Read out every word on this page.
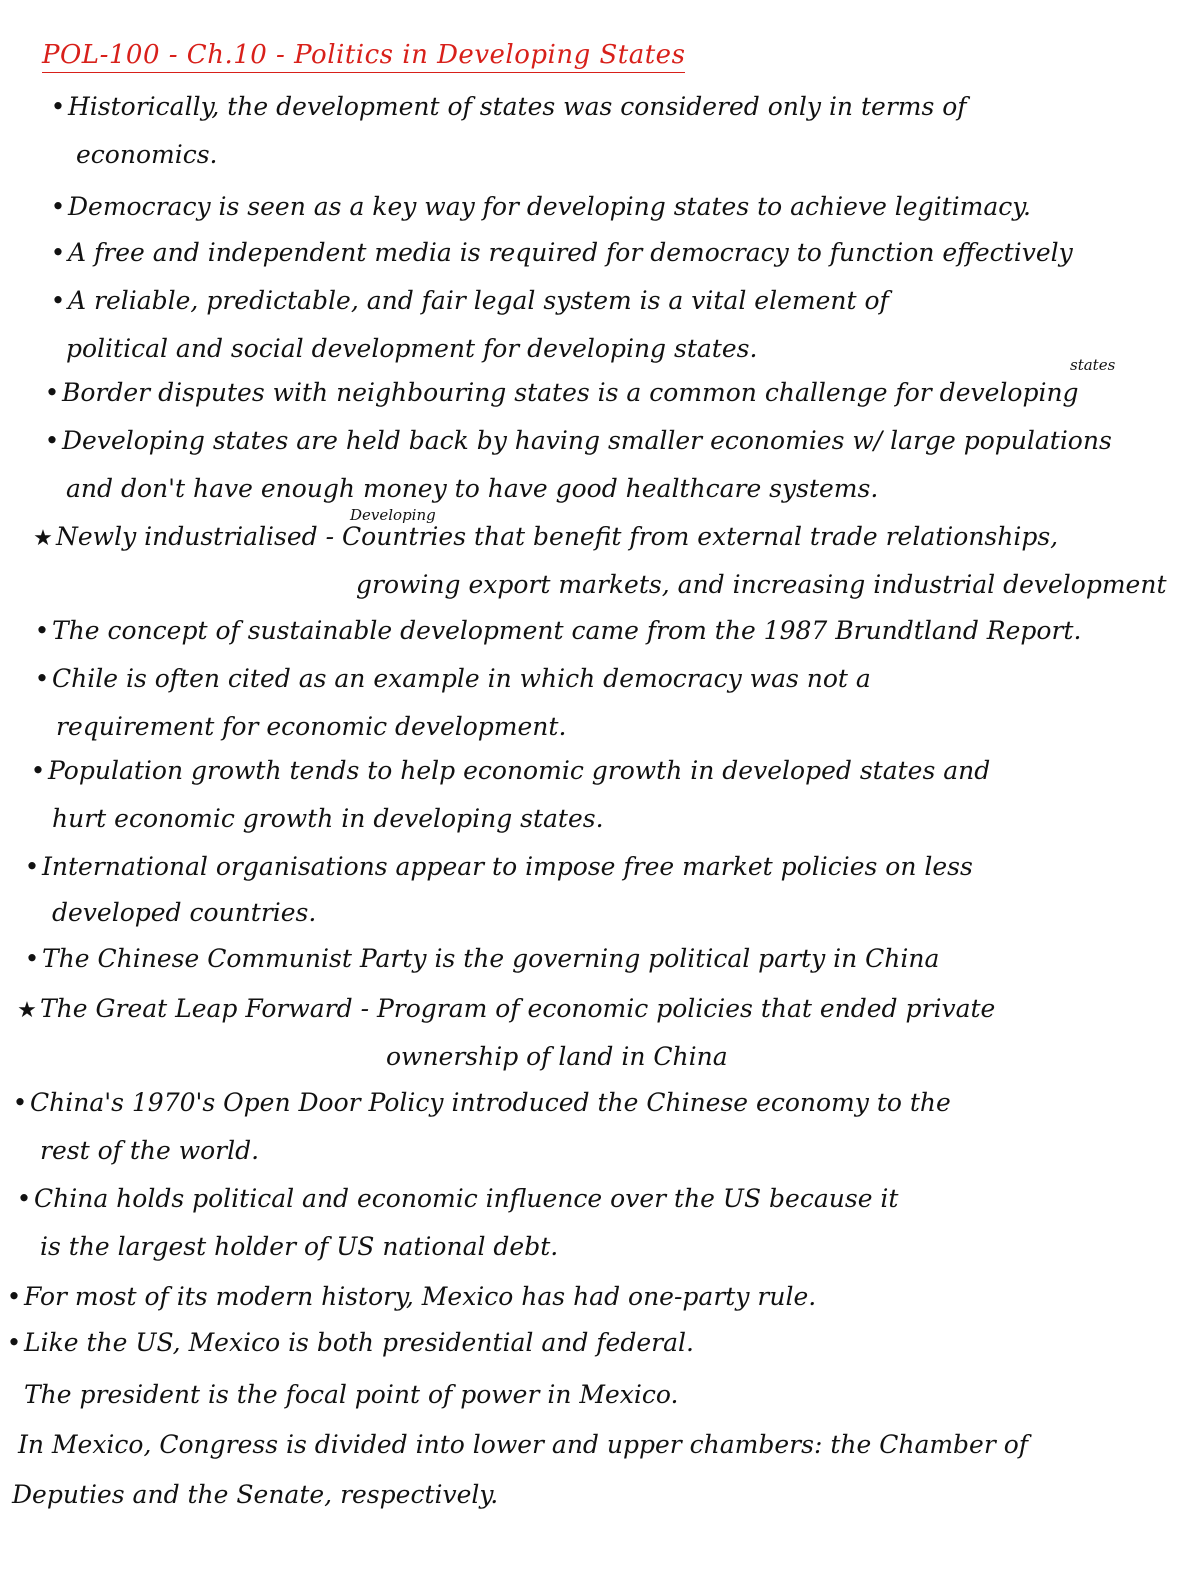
POL-100 - Ch.10 - Politics in Developing States
• Historically, the development of states was considered only in terms of
economics.
• Democracy is seen as a key way for developing states to achieve legitimacy.
• A free and independent media is required for democracy to function effectively
• A reliable, predictable, and fair legal system is a vital element of
political and social development for developing states.
states
• Border disputes with neighbouring states is a common challenge for developing
• Developing states are held back by having smaller economies w/ large populations
and don't have enough money to have good healthcare systems.
Developing
★ Newly industrialised - Countries that benefit from external trade relationships,
growing export markets, and increasing industrial development
• The concept of sustainable development came from the 1987 Brundtland Report.
• Chile is often cited as an example in which democracy was not a
requirement for economic development.
• Population growth tends to help economic growth in developed states and
hurt economic growth in developing states.
• International organisations appear to impose free market policies on less
developed countries.
• The Chinese Communist Party is the governing political party in China
★ The Great Leap Forward - Program of economic policies that ended private
ownership of land in China
• China's 1970's Open Door Policy introduced the Chinese economy to the
rest of the world.
• China holds political and economic influence over the US because it
is the largest holder of US national debt.
• For most of its modern history, Mexico has had one-party rule.
• Like the US, Mexico is both presidential and federal.
The president is the focal point of power in Mexico.
In Mexico, Congress is divided into lower and upper chambers: the Chamber of
Deputies and the Senate, respectively.
